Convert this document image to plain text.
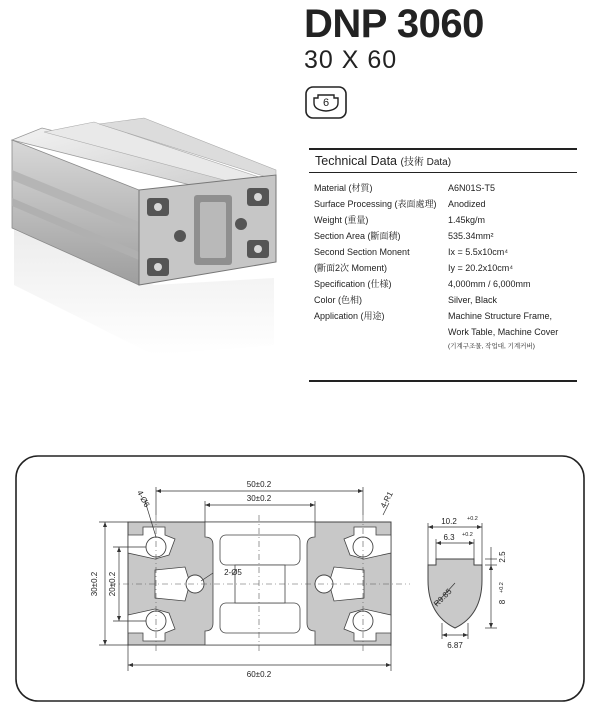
DNP 3060
30 X 60
6
Technical Data (技術 Data)
Material (材質)	A6N01S-T5
Surface Processing (表面處理)	Anodized
Weight (重量)	1.45kg/m
Section Area (斷面積)	535.34mm²
Second Section Monent	Ix = 5.5x10cm⁴
(斷面2次 Moment)	Iy = 20.2x10cm⁴
Specification (仕様)	4,000mm / 6,000mm
Color (色相)	Silver, Black
Application (用途)	Machine Structure Frame,
Work Table, Machine Cover
(기계구조물, 작업대, 기계커버)
50±0.2
30±0.2
60±0.2
30±0.2 20±0.2
4-Ø6	4-R1
2-Ø5
10.2 +0.2
6.3 +0.2
2.5
8
+0.2
R9.85
6.87
